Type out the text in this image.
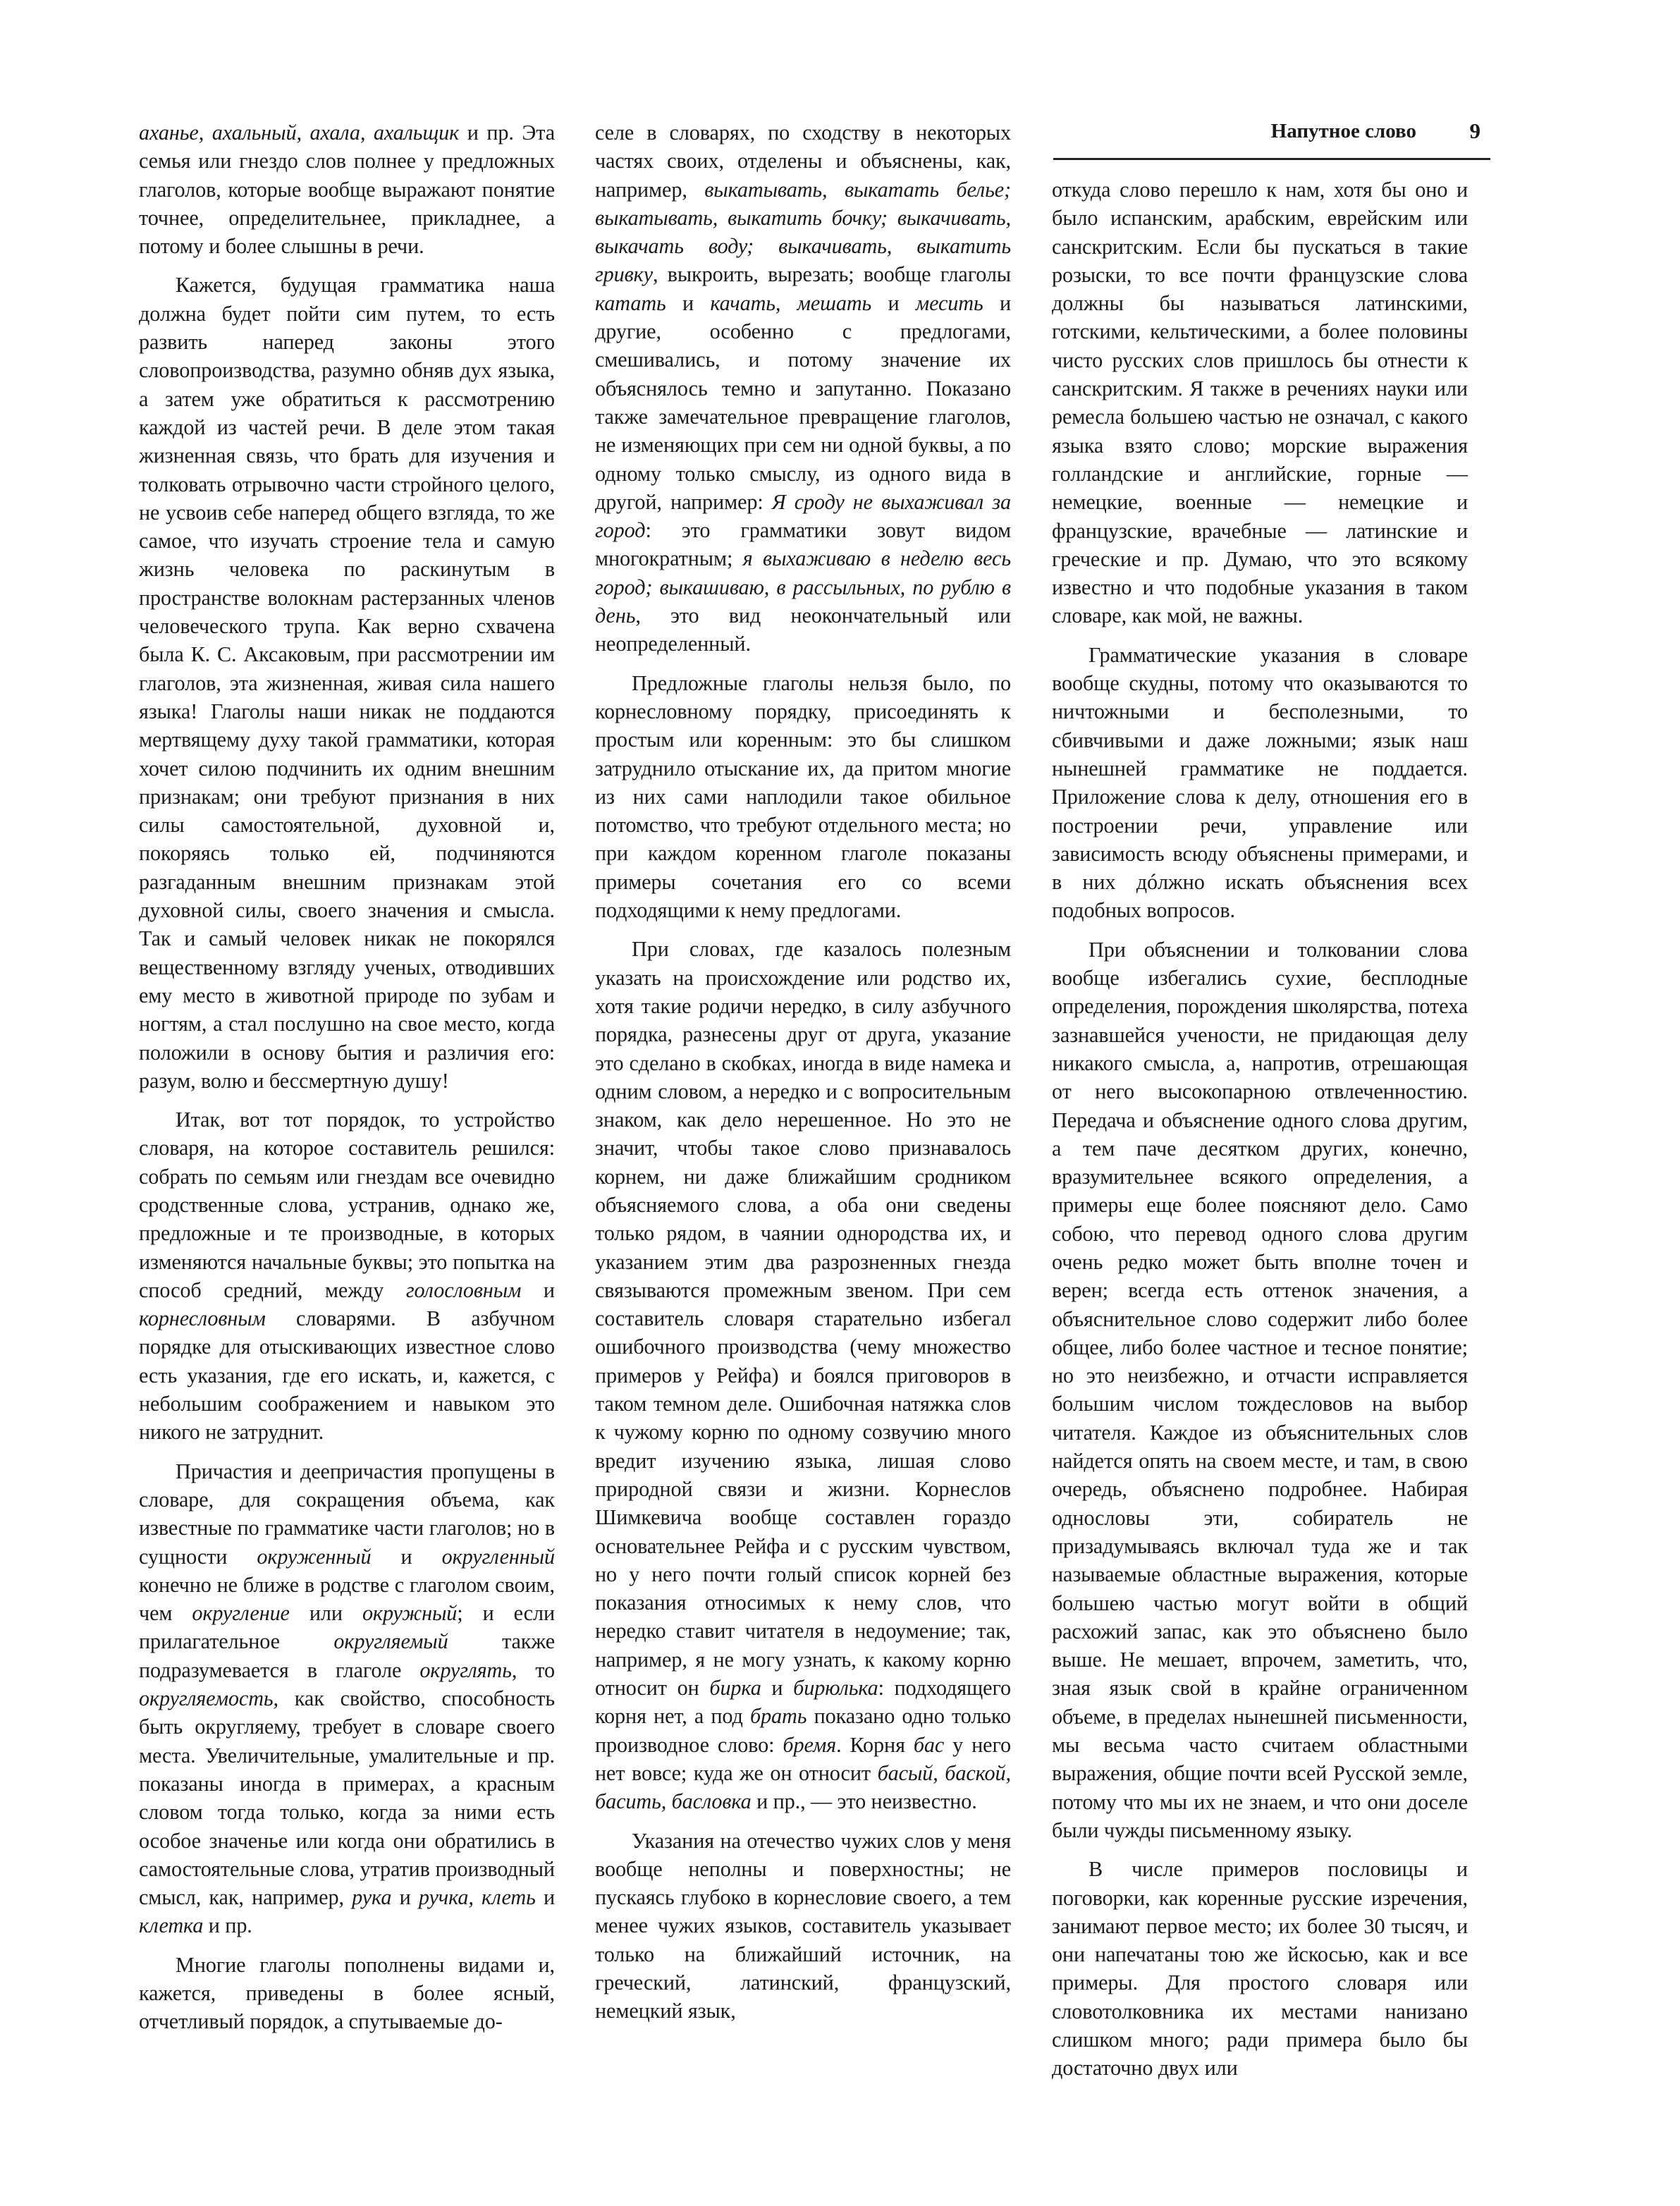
Напутное слово 9

аханье, ахальный, ахала, ахальщик и пр. Эта семья или гнездо слов полнее у предложных глаголов, которые вообще выражают понятие точнее, определительнее, прикладнее, а потому и более слышны в речи.

Кажется, будущая грамматика наша должна будет пойти сим путем, то есть развить наперед законы этого словопроизводства, разумно обняв дух языка, а затем уже обратиться к рассмотрению каждой из частей речи. В деле этом такая жизненная связь, что брать для изучения и толковать отрывочно части стройного целого, не усвоив себе наперед общего взгляда, то же самое, что изучать строение тела и самую жизнь человека по раскинутым в пространстве волокнам растерзанных членов человеческого трупа. Как верно схвачена была К. С. Аксаковым, при рассмотрении им глаголов, эта жизненная, живая сила нашего языка! Глаголы наши никак не поддаются мертвящему духу такой грамматики, которая хочет силою подчинить их одним внешним признакам; они требуют признания в них силы самостоятельной, духовной и, покоряясь только ей, подчиняются разгаданным внешним признакам этой духовной силы, своего значения и смысла. Так и самый человек никак не покорялся вещественному взгляду ученых, отводивших ему место в животной природе по зубам и ногтям, а стал послушно на свое место, когда положили в основу бытия и различия его: разум, волю и бессмертную душу!

Итак, вот тот порядок, то устройство словаря, на которое составитель решился: собрать по семьям или гнездам все очевидно сродственные слова, устранив, однако же, предложные и те производные, в которых изменяются начальные буквы; это попытка на способ средний, между голословным и корнесловным словарями. В азбучном порядке для отыскивающих известное слово есть указания, где его искать, и, кажется, с небольшим соображением и навыком это никого не затруднит.

Причастия и деепричастия пропущены в словаре, для сокращения объема, как известные по грамматике части глаголов; но в сущности окруженный и округленный конечно не ближе в родстве с глаголом своим, чем округление или окружный; и если прилагательное округляемый также подразумевается в глаголе округлять, то округляемость, как свойство, способность быть округляему, требует в словаре своего места. Увеличительные, умалительные и пр. показаны иногда в примерах, а красным словом тогда только, когда за ними есть особое значенье или когда они обратились в самостоятельные слова, утратив производный смысл, как, например, рука и ручка, клеть и клетка и пр.

Многие глаголы пополнены видами и, кажется, приведены в более ясный, отчетливый порядок, а спутываемые до-

селе в словарях, по сходству в некоторых частях своих, отделены и объяснены, как, например, выкатывать, выкатать белье; выкатывать, выкатить бочку; выкачивать, выкачать воду; выкачивать, выкатить гривку, выкроить, вырезать; вообще глаголы катать и качать, мешать и месить и другие, особенно с предлогами, смешивались, и потому значение их объяснялось темно и запутанно. Показано также замечательное превращение глаголов, не изменяющих при сем ни одной буквы, а по одному только смыслу, из одного вида в другой, например: Я сроду не выхаживал за город: это грамматики зовут видом многократным; я выхаживаю в неделю весь город; выкашиваю, в рассыльных, по рублю в день, это вид неокончательный или неопределенный.

Предложные глаголы нельзя было, по корнесловному порядку, присоединять к простым или коренным: это бы слишком затруднило отыскание их, да притом многие из них сами наплодили такое обильное потомство, что требуют отдельного места; но при каждом коренном глаголе показаны примеры сочетания его со всеми подходящими к нему предлогами.

При словах, где казалось полезным указать на происхождение или родство их, хотя такие родичи нередко, в силу азбучного порядка, разнесены друг от друга, указание это сделано в скобках, иногда в виде намека и одним словом, а нередко и с вопросительным знаком, как дело нерешенное. Но это не значит, чтобы такое слово признавалось корнем, ни даже ближайшим сродником объясняемого слова, а оба они сведены только рядом, в чаянии однородства их, и указанием этим два разрозненных гнезда связываются промежным звеном. При сем составитель словаря старательно избегал ошибочного производства (чему множество примеров у Рейфа) и боялся приговоров в таком темном деле. Ошибочная натяжка слов к чужому корню по одному созвучию много вредит изучению языка, лишая слово природной связи и жизни. Корнеслов Шимкевича вообще составлен гораздо основательнее Рейфа и с русским чувством, но у него почти голый список корней без показания относимых к нему слов, что нередко ставит читателя в недоумение; так, например, я не могу узнать, к какому корню относит он бирка и бирюлька: подходящего корня нет, а под брать показано одно только производное слово: бремя. Корня бас у него нет вовсе; куда же он относит басый, баской, басить, басловка и пр., — это неизвестно.

Указания на отечество чужих слов у меня вообще неполны и поверхностны; не пускаясь глубоко в корнесловие своего, а тем менее чужих языков, составитель указывает только на ближайший источник, на греческий, латинский, французский, немецкий язык,

откуда слово перешло к нам, хотя бы оно и было испанским, арабским, еврейским или санскритским. Если бы пускаться в такие розыски, то все почти французские слова должны бы называться латинскими, готскими, кельтическими, а более половины чисто русских слов пришлось бы отнести к санскритским. Я также в речениях науки или ремесла большею частью не означал, с какого языка взято слово; морские выражения голландские и английские, горные — немецкие, военные — немецкие и французские, врачебные — латинские и греческие и пр. Думаю, что это всякому известно и что подобные указания в таком словаре, как мой, не важны.

Грамматические указания в словаре вообще скудны, потому что оказываются то ничтожными и бесполезными, то сбивчивыми и даже ложными; язык наш нынешней грамматике не поддается. Приложение слова к делу, отношения его в построении речи, управление или зависимость всюду объяснены примерами, и в них дóлжно искать объяснения всех подобных вопросов.

При объяснении и толковании слова вообще избегались сухие, бесплодные определения, порождения школярства, потеха зазнавшейся учености, не придающая делу никакого смысла, а, напротив, отрешающая от него высокопарною отвлеченностию. Передача и объяснение одного слова другим, а тем паче десятком других, конечно, вразумительнее всякого определения, а примеры еще более поясняют дело. Само собою, что перевод одного слова другим очень редко может быть вполне точен и верен; всегда есть оттенок значения, а объяснительное слово содержит либо более общее, либо более частное и тесное понятие; но это неизбежно, и отчасти исправляется большим числом тождесловов на выбор читателя. Каждое из объяснительных слов найдется опять на своем месте, и там, в свою очередь, объяснено подробнее. Набирая однословы эти, собиратель не призадумываясь включал туда же и так называемые областные выражения, которые большею частью могут войти в общий расхожий запас, как это объяснено было выше. Не мешает, впрочем, заметить, что, зная язык свой в крайне ограниченном объеме, в пределах нынешней письменности, мы весьма часто считаем областными выражения, общие почти всей Русской земле, потому что мы их не знаем, и что они доселе были чужды письменному языку.

В числе примеров пословицы и поговорки, как коренные русские изречения, занимают первое место; их более 30 тысяч, и они напечатаны тою же йскосью, как и все примеры. Для простого словаря или словотолковника их местами нанизано слишком много; ради примера было бы достаточно двух или
